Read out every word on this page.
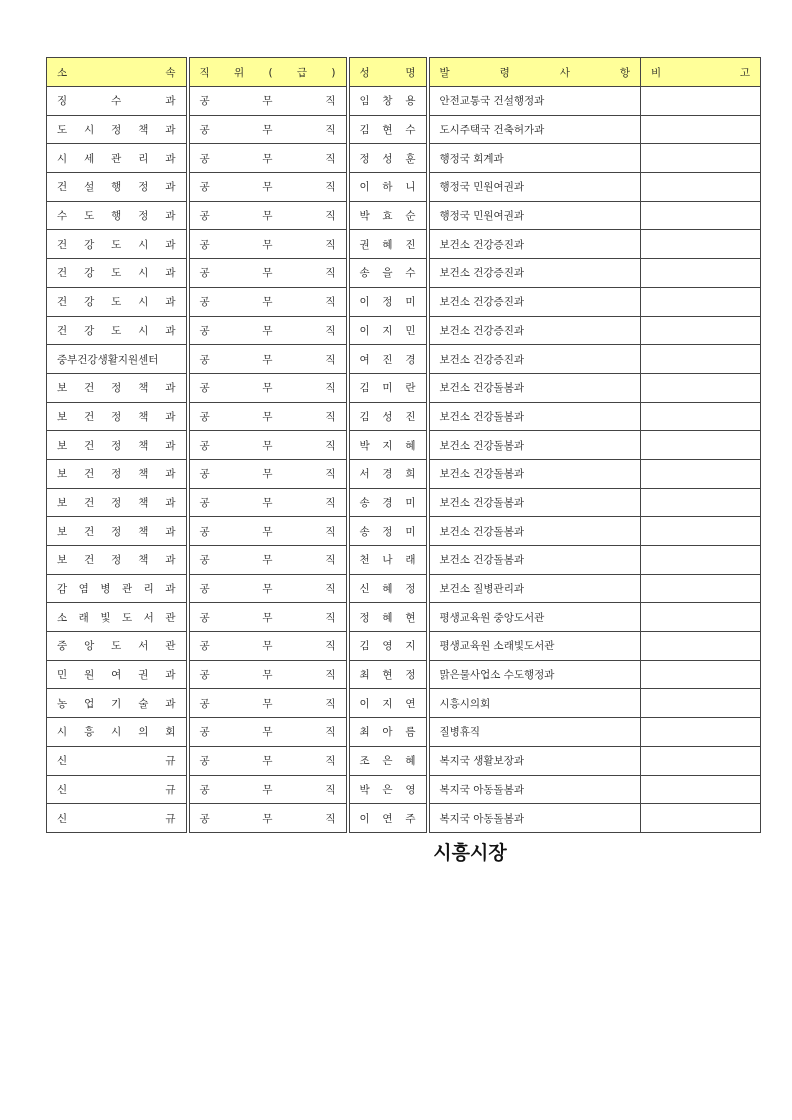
소 속	직 위 ( 급 )	성 명	발 령 사 항	비 고
징 수 과	공 무 직	임 창 용	안전교통국 건설행정과	
도 시 정 책 과	공 무 직	김 현 수	도시주택국 건축허가과	
시 세 관 리 과	공 무 직	정 성 훈	행정국 회계과	
건 설 행 정 과	공 무 직	이 하 니	행정국 민원여권과	
수 도 행 정 과	공 무 직	박 효 순	행정국 민원여권과	
건 강 도 시 과	공 무 직	권 혜 진	보건소 건강증진과	
건 강 도 시 과	공 무 직	송 을 수	보건소 건강증진과	
건 강 도 시 과	공 무 직	이 정 미	보건소 건강증진과	
건 강 도 시 과	공 무 직	이 지 민	보건소 건강증진과	
중부건강생활지원센터	공 무 직	여 진 경	보건소 건강증진과	
보 건 정 책 과	공 무 직	김 미 란	보건소 건강돌봄과	
보 건 정 책 과	공 무 직	김 성 진	보건소 건강돌봄과	
보 건 정 책 과	공 무 직	박 지 혜	보건소 건강돌봄과	
보 건 정 책 과	공 무 직	서 경 희	보건소 건강돌봄과	
보 건 정 책 과	공 무 직	송 경 미	보건소 건강돌봄과	
보 건 정 책 과	공 무 직	송 정 미	보건소 건강돌봄과	
보 건 정 책 과	공 무 직	천 나 래	보건소 건강돌봄과	
감 염 병 관 리 과	공 무 직	신 혜 정	보건소 질병관리과	
소 래 빛 도 서 관	공 무 직	정 혜 현	평생교육원 중앙도서관	
중 앙 도 서 관	공 무 직	김 영 지	평생교육원 소래빛도서관	
민 원 여 권 과	공 무 직	최 현 정	맑은물사업소 수도행정과	
농 업 기 술 과	공 무 직	이 지 연	시흥시의회	
시 흥 시 의 회	공 무 직	최 아 름	질병휴직	
신 규	공 무 직	조 은 혜	복지국 생활보장과	
신 규	공 무 직	박 은 영	복지국 아동돌봄과	
신 규	공 무 직	이 연 주	복지국 아동돌봄과	
시흥시장
